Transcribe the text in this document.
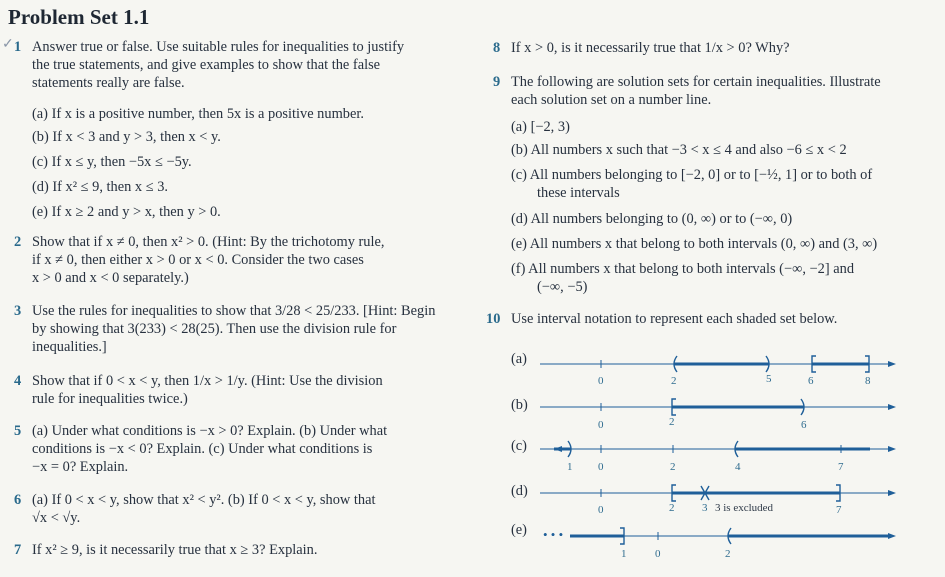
Problem Set 1.1
✓ 1 Answer true or false. Use suitable rules for inequalities to justify
the true statements, and give examples to show that the false
statements really are false.
(a) If x is a positive number, then 5x is a positive number.
(b) If x < 3 and y > 3, then x < y.
(c) If x ≤ y, then −5x ≤ −5y.
(d) If x² ≤ 9, then x ≤ 3.
(e) If x ≥ 2 and y > x, then y > 0.
2 Show that if x ≠ 0, then x² > 0. (Hint: By the trichotomy rule,
if x ≠ 0, then either x > 0 or x < 0. Consider the two cases
x > 0 and x < 0 separately.)
3 Use the rules for inequalities to show that 3/28 < 25/233. [Hint: Begin
by showing that 3(233) < 28(25). Then use the division rule for
inequalities.]
4 Show that if 0 < x < y, then 1/x > 1/y. (Hint: Use the division
rule for inequalities twice.)
5 (a) Under what conditions is −x > 0? Explain. (b) Under what
conditions is −x < 0? Explain. (c) Under what conditions is
−x = 0? Explain.
6 (a) If 0 < x < y, show that x² < y². (b) If 0 < x < y, show that
√x < √y.
7 If x² ≥ 9, is it necessarily true that x ≥ 3? Explain.
8 If x > 0, is it necessarily true that 1/x > 0? Why?
9 The following are solution sets for certain inequalities. Illustrate
each solution set on a number line.
(a) [−2, 3)
(b) All numbers x such that −3 < x ≤ 4 and also −6 ≤ x < 2
(c) All numbers belonging to [−2, 0] or to [−½, 1] or to both of
these intervals
(d) All numbers belonging to (0, ∞) or to (−∞, 0)
(e) All numbers x that belong to both intervals (0, ∞) and (3, ∞)
(f) All numbers x that belong to both intervals (−∞, −2] and
(−∞, −5)
10 Use interval notation to represent each shaded set below.
(a)
(b)
(c)
(d)
(e)
0	2	5	6	8
0	2	6
1 0	2	4	7
0	2	3 3 is excluded	7
• • •
1	0	2
